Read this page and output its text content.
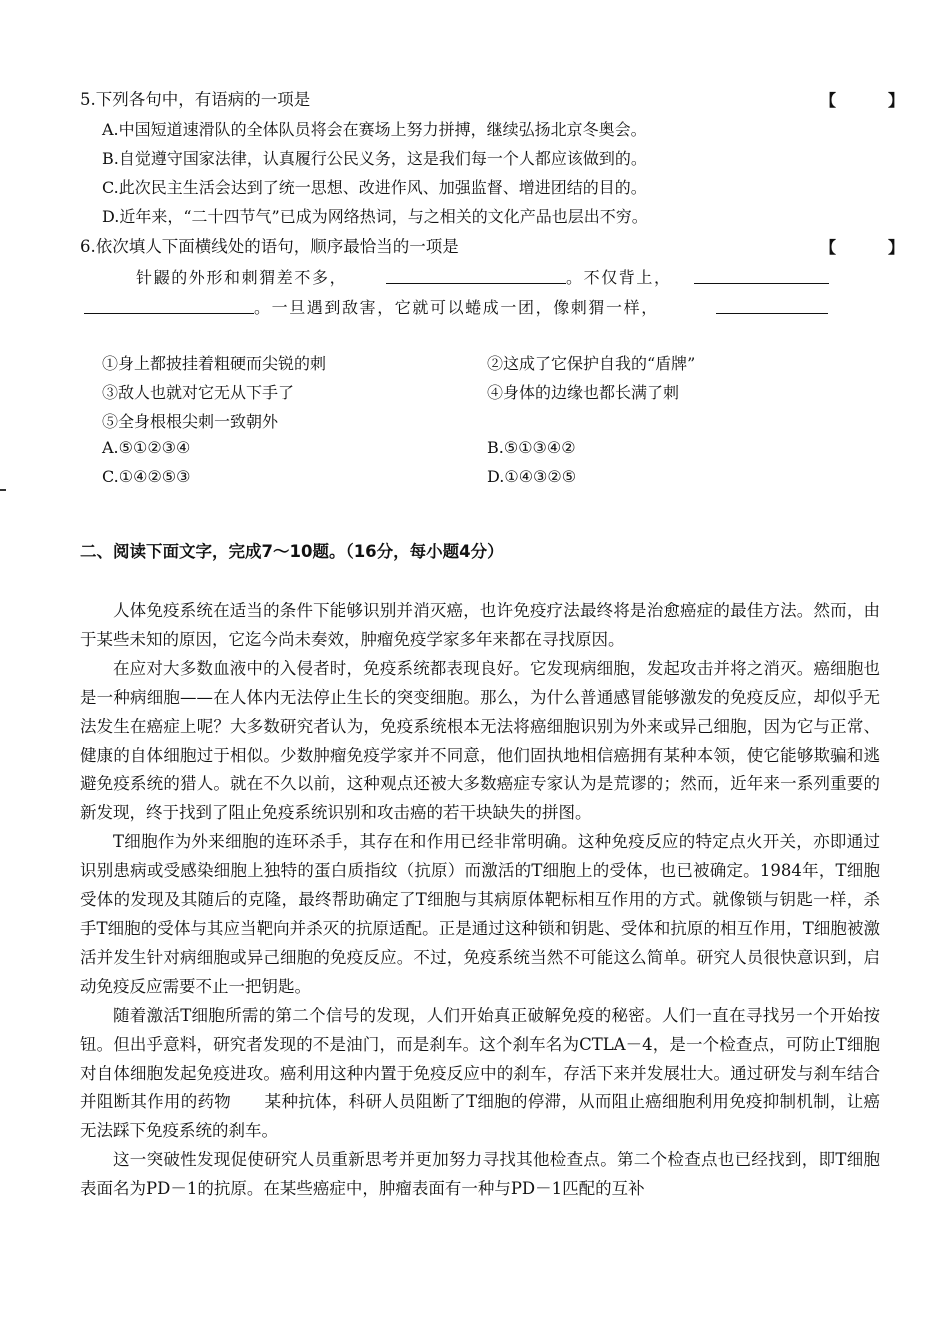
5.下列各句中，有语病的一项是	【　】
A.中国短道速滑队的全体队员将会在赛场上努力拼搏，继续弘扬北京冬奥会。
B.自觉遵守国家法律，认真履行公民义务，这是我们每一个人都应该做到的。
C.此次民主生活会达到了统一思想、改进作风、加强监督、增进团结的目的。
D.近年来，“二十四节气”已成为网络热词，与之相关的文化产品也层出不穷。
6.依次填人下面横线处的语句，顺序最恰当的一项是	【　】
针鼹的外形和刺猬差不多，	。不仅背上，
。一旦遇到敌害，它就可以蜷成一团，像刺猬一样，
①身上都披挂着粗硬而尖锐的刺	②这成了它保护自我的“盾牌”
③敌人也就对它无从下手了	④身体的边缘也都长满了刺
⑤全身根根尖刺一致朝外
A.⑤①②③④	B.⑤①③④②
C.①④②⑤③	D.①④③②⑤
二、阅读下面文字，完成7～10题。（16分，每小题4分）

人体免疫系统在适当的条件下能够识别并消灭癌，也许免疫疗法最终将是治愈癌症的最佳方法。然而，由于某些未知的原因，它迄今尚未奏效，肿瘤免疫学家多年来都在寻找原因。

在应对大多数血液中的入侵者时，免疫系统都表现良好。它发现病细胞，发起攻击并将之消灭。癌细胞也是一种病细胞——在人体内无法停止生长的突变细胞。那么，为什么普通感冒能够激发的免疫反应，却似乎无法发生在癌症上呢？大多数研究者认为，免疫系统根本无法将癌细胞识别为外来或异己细胞，因为它与正常、健康的自体细胞过于相似。少数肿瘤免疫学家并不同意，他们固执地相信癌拥有某种本领，使它能够欺骗和逃避免疫系统的猎人。就在不久以前，这种观点还被大多数癌症专家认为是荒谬的；然而，近年来一系列重要的新发现，终于找到了阻止免疫系统识别和攻击癌的若干块缺失的拼图。

T细胞作为外来细胞的连环杀手，其存在和作用已经非常明确。这种免疫反应的特定点火开关，亦即通过识别患病或受感染细胞上独特的蛋白质指纹（抗原）而激活的T细胞上的受体，也已被确定。1984年，T细胞受体的发现及其随后的克隆，最终帮助确定了T细胞与其病原体靶标相互作用的方式。就像锁与钥匙一样，杀手T细胞的受体与其应当靶向并杀灭的抗原适配。正是通过这种锁和钥匙、受体和抗原的相互作用，T细胞被激活并发生针对病细胞或异己细胞的免疫反应。不过，免疫系统当然不可能这么简单。研究人员很快意识到，启动免疫反应需要不止一把钥匙。

随着激活T细胞所需的第二个信号的发现，人们开始真正破解免疫的秘密。人们一直在寻找另一个开始按钮。但出乎意料，研究者发现的不是油门，而是刹车。这个刹车名为CTLA－4，是一个检查点，可防止T细胞对自体细胞发起免疫进攻。癌利用这种内置于免疫反应中的刹车，存活下来并发展壮大。通过研发与刹车结合并阻断其作用的药物　　某种抗体，科研人员阻断了T细胞的停滞，从而阻止癌细胞利用免疫抑制机制，让癌无法踩下免疫系统的刹车。

这一突破性发现促使研究人员重新思考并更加努力寻找其他检查点。第二个检查点也已经找到，即T细胞表面名为PD－1的抗原。在某些癌症中，肿瘤表面有一种与PD－1匹配的互补
